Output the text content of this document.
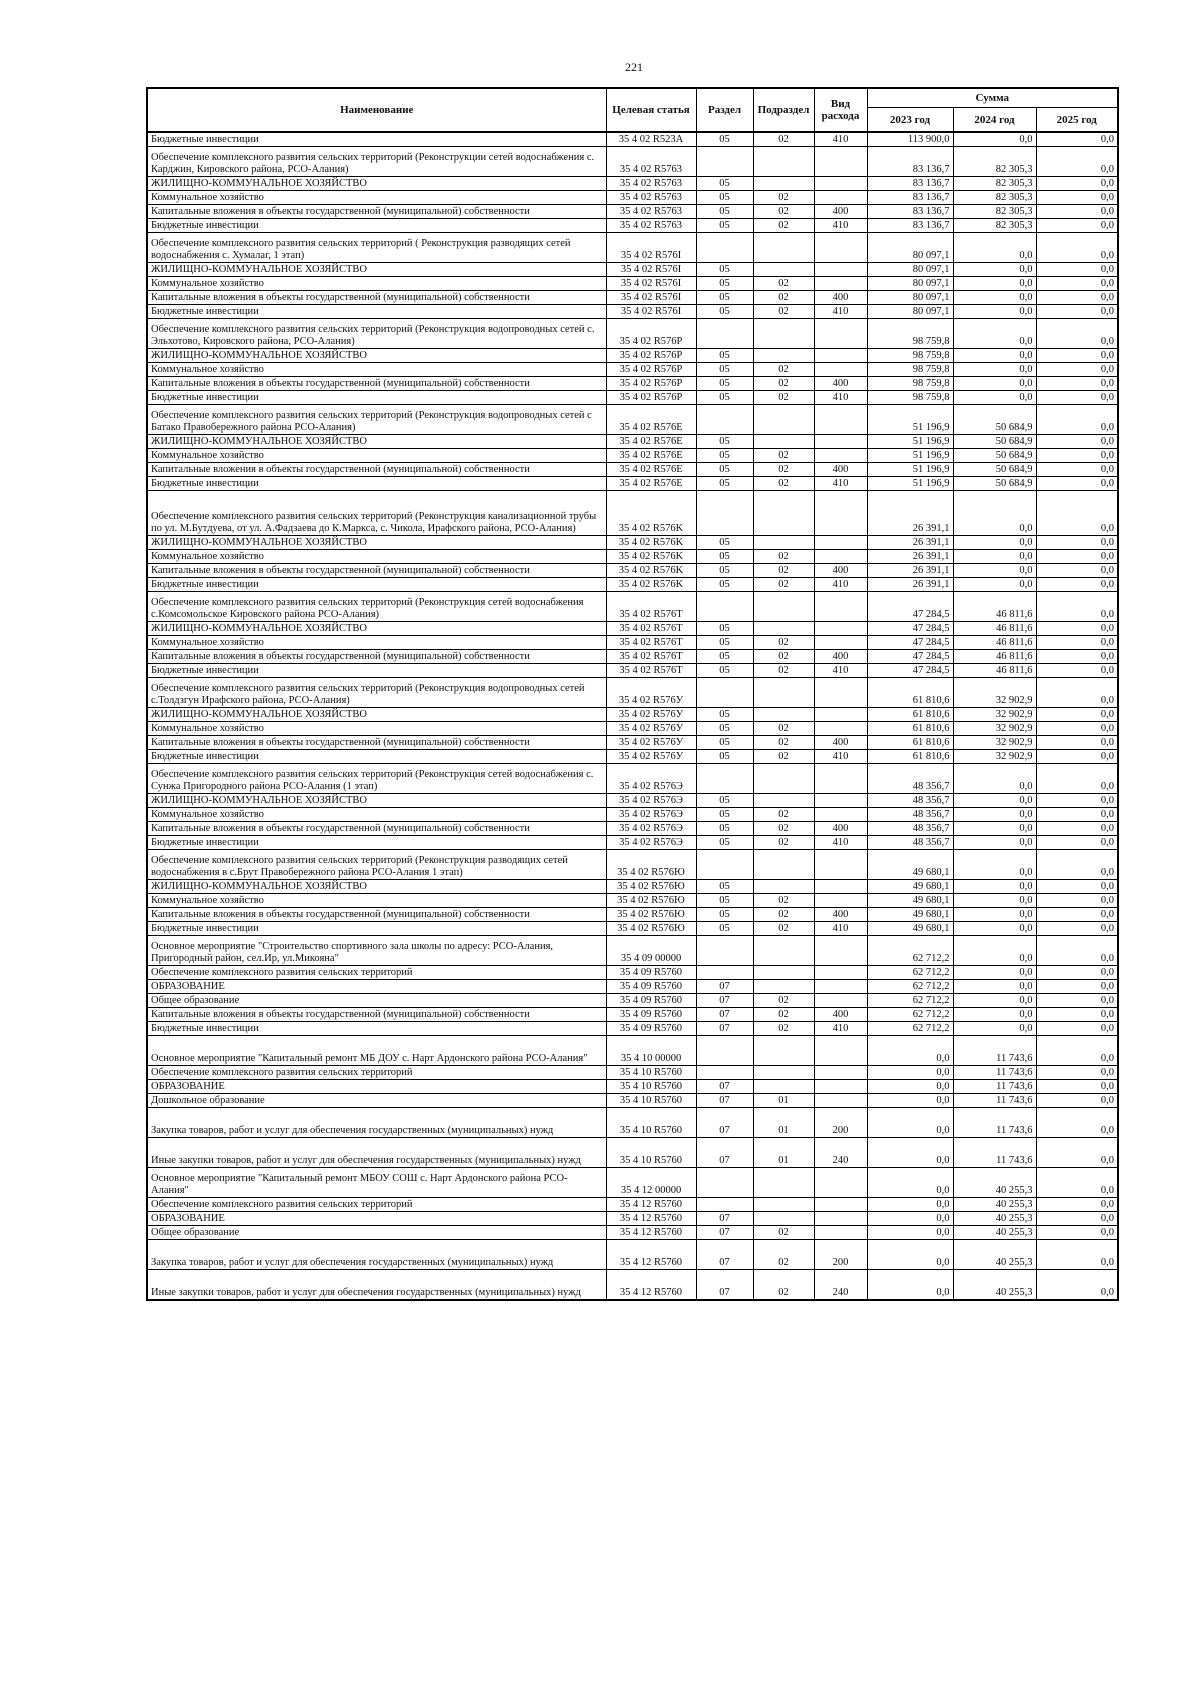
221
Наименование	Целевая статья	Раздел	Подраздел	Вид расхода	Сумма		
					2023 год	2024 год	2025 год
Бюджетные инвестиции	35 4 02 R523A	05	02	410	113 900,0	0,0	0,0
Обеспечение комплексного развития сельских территорий (Реконструкции сетей водоснабжения с. Карджин, Кировского района, РСО-Алания)	35 4 02 R5763				83 136,7	82 305,3	0,0
ЖИЛИЩНО-КОММУНАЛЬНОЕ ХОЗЯЙСТВО	35 4 02 R5763	05			83 136,7	82 305,3	0,0
Коммунальное хозяйство	35 4 02 R5763	05	02		83 136,7	82 305,3	0,0
Капитальные вложения в объекты государственной (муниципальной) собственности	35 4 02 R5763	05	02	400	83 136,7	82 305,3	0,0
Бюджетные инвестиции	35 4 02 R5763	05	02	410	83 136,7	82 305,3	0,0
Обеспечение комплексного развития сельских территорий ( Реконструкция разводящих сетей водоснабжения с. Хумалаг, 1 этап)	35 4 02 R576I				80 097,1	0,0	0,0
ЖИЛИЩНО-КОММУНАЛЬНОЕ ХОЗЯЙСТВО	35 4 02 R576I	05			80 097,1	0,0	0,0
Коммунальное хозяйство	35 4 02 R576I	05	02		80 097,1	0,0	0,0
Капитальные вложения в объекты государственной (муниципальной) собственности	35 4 02 R576I	05	02	400	80 097,1	0,0	0,0
Бюджетные инвестиции	35 4 02 R576I	05	02	410	80 097,1	0,0	0,0
Обеспечение комплексного развития сельских территорий (Реконструкция водопроводных сетей с. Эльхотово, Кировского района, РСО-Алания)	35 4 02 R576P				98 759,8	0,0	0,0
ЖИЛИЩНО-КОММУНАЛЬНОЕ ХОЗЯЙСТВО	35 4 02 R576P	05			98 759,8	0,0	0,0
Коммунальное хозяйство	35 4 02 R576P	05	02		98 759,8	0,0	0,0
Капитальные вложения в объекты государственной (муниципальной) собственности	35 4 02 R576P	05	02	400	98 759,8	0,0	0,0
Бюджетные инвестиции	35 4 02 R576P	05	02	410	98 759,8	0,0	0,0
Обеспечение комплексного развития сельских территорий (Реконструкция водопроводных сетей с Батако Правобережного района РСО-Алания)	35 4 02 R576E				51 196,9	50 684,9	0,0
ЖИЛИЩНО-КОММУНАЛЬНОЕ ХОЗЯЙСТВО	35 4 02 R576E	05			51 196,9	50 684,9	0,0
Коммунальное хозяйство	35 4 02 R576E	05	02		51 196,9	50 684,9	0,0
Капитальные вложения в объекты государственной (муниципальной) собственности	35 4 02 R576E	05	02	400	51 196,9	50 684,9	0,0
Бюджетные инвестиции	35 4 02 R576E	05	02	410	51 196,9	50 684,9	0,0
Обеспечение комплексного развития сельских территорий (Реконструкция канализационной трубы по ул. М.Бутдуева, от ул. А.Фадзаева до К.Маркса, с. Чикола, Ирафского района, РСО-Алания)	35 4 02 R576K				26 391,1	0,0	0,0
ЖИЛИЩНО-КОММУНАЛЬНОЕ ХОЗЯЙСТВО	35 4 02 R576K	05			26 391,1	0,0	0,0
Коммунальное хозяйство	35 4 02 R576K	05	02		26 391,1	0,0	0,0
Капитальные вложения в объекты государственной (муниципальной) собственности	35 4 02 R576K	05	02	400	26 391,1	0,0	0,0
Бюджетные инвестиции	35 4 02 R576K	05	02	410	26 391,1	0,0	0,0
Обеспечение комплексного развития сельских территорий (Реконструкция сетей водоснабжения с.Комсомольское Кировского района РСО-Алания)	35 4 02 R576T				47 284,5	46 811,6	0,0
ЖИЛИЩНО-КОММУНАЛЬНОЕ ХОЗЯЙСТВО	35 4 02 R576T	05			47 284,5	46 811,6	0,0
Коммунальное хозяйство	35 4 02 R576T	05	02		47 284,5	46 811,6	0,0
Капитальные вложения в объекты государственной (муниципальной) собственности	35 4 02 R576T	05	02	400	47 284,5	46 811,6	0,0
Бюджетные инвестиции	35 4 02 R576T	05	02	410	47 284,5	46 811,6	0,0
Обеспечение комплексного развития сельских территорий (Реконструкция водопроводных сетей с.Толдзгун Ирафского района, РСО-Алания)	35 4 02 R576У				61 810,6	32 902,9	0,0
ЖИЛИЩНО-КОММУНАЛЬНОЕ ХОЗЯЙСТВО	35 4 02 R576У	05			61 810,6	32 902,9	0,0
Коммунальное хозяйство	35 4 02 R576У	05	02		61 810,6	32 902,9	0,0
Капитальные вложения в объекты государственной (муниципальной) собственности	35 4 02 R576У	05	02	400	61 810,6	32 902,9	0,0
Бюджетные инвестиции	35 4 02 R576У	05	02	410	61 810,6	32 902,9	0,0
Обеспечение комплексного развития сельских территорий (Реконструкция сетей водоснабжения с. Сунжа Пригородного района РСО-Алания (1 этап)	35 4 02 R576Э				48 356,7	0,0	0,0
ЖИЛИЩНО-КОММУНАЛЬНОЕ ХОЗЯЙСТВО	35 4 02 R576Э	05			48 356,7	0,0	0,0
Коммунальное хозяйство	35 4 02 R576Э	05	02		48 356,7	0,0	0,0
Капитальные вложения в объекты государственной (муниципальной) собственности	35 4 02 R576Э	05	02	400	48 356,7	0,0	0,0
Бюджетные инвестиции	35 4 02 R576Э	05	02	410	48 356,7	0,0	0,0
Обеспечение комплексного развития сельских территорий (Реконструкция разводящих сетей водоснабжения в с.Брут Правобережного района РСО-Алания 1 этап)	35 4 02 R576Ю				49 680,1	0,0	0,0
ЖИЛИЩНО-КОММУНАЛЬНОЕ ХОЗЯЙСТВО	35 4 02 R576Ю	05			49 680,1	0,0	0,0
Коммунальное хозяйство	35 4 02 R576Ю	05	02		49 680,1	0,0	0,0
Капитальные вложения в объекты государственной (муниципальной) собственности	35 4 02 R576Ю	05	02	400	49 680,1	0,0	0,0
Бюджетные инвестиции	35 4 02 R576Ю	05	02	410	49 680,1	0,0	0,0
Основное мероприятие "Строительство спортивного зала школы по адресу: РСО-Алания, Пригородный район, сел.Ир, ул.Микояна"	35 4 09 00000				62 712,2	0,0	0,0
Обеспечение комплексного развития сельских территорий	35 4 09 R5760				62 712,2	0,0	0,0
ОБРАЗОВАНИЕ	35 4 09 R5760	07			62 712,2	0,0	0,0
Общее образование	35 4 09 R5760	07	02		62 712,2	0,0	0,0
Капитальные вложения в объекты государственной (муниципальной) собственности	35 4 09 R5760	07	02	400	62 712,2	0,0	0,0
Бюджетные инвестиции	35 4 09 R5760	07	02	410	62 712,2	0,0	0,0
Основное мероприятие "Капитальный ремонт МБ ДОУ с. Нарт Ардонского района РСО-Алания"	35 4 10 00000				0,0	11 743,6	0,0
Обеспечение комплексного развития сельских территорий	35 4 10 R5760				0,0	11 743,6	0,0
ОБРАЗОВАНИЕ	35 4 10 R5760	07			0,0	11 743,6	0,0
Дошкольное образование	35 4 10 R5760	07	01		0,0	11 743,6	0,0
Закупка товаров, работ и услуг для обеспечения государственных (муниципальных) нужд	35 4 10 R5760	07	01	200	0,0	11 743,6	0,0
Иные закупки товаров, работ и услуг для обеспечения государственных (муниципальных) нужд	35 4 10 R5760	07	01	240	0,0	11 743,6	0,0
Основное мероприятие "Капитальный ремонт МБОУ СОШ с. Нарт Ардонского района РСО-Алания"	35 4 12 00000				0,0	40 255,3	0,0
Обеспечение комплексного развития сельских территорий	35 4 12 R5760				0,0	40 255,3	0,0
ОБРАЗОВАНИЕ	35 4 12 R5760	07			0,0	40 255,3	0,0
Общее образование	35 4 12 R5760	07	02		0,0	40 255,3	0,0
Закупка товаров, работ и услуг для обеспечения государственных (муниципальных) нужд	35 4 12 R5760	07	02	200	0,0	40 255,3	0,0
Иные закупки товаров, работ и услуг для обеспечения государственных (муниципальных) нужд	35 4 12 R5760	07	02	240	0,0	40 255,3	0,0
